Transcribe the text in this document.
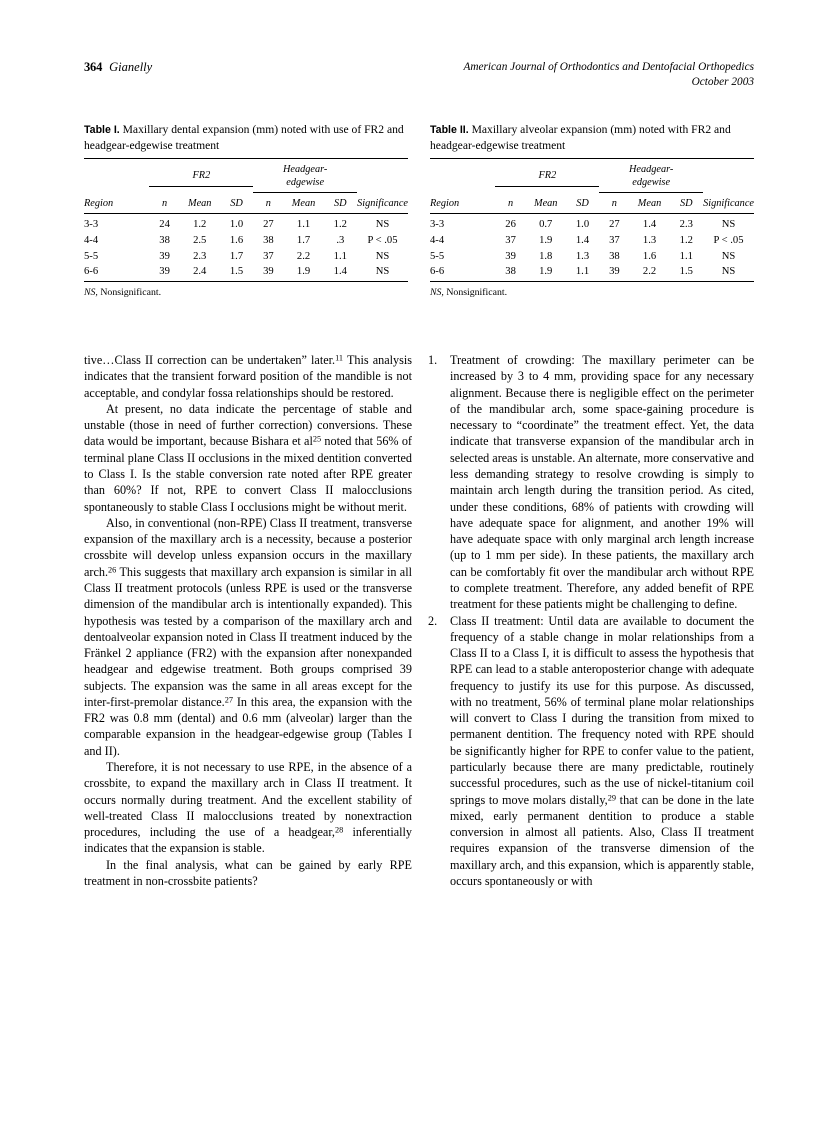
364 Gianelly	American Journal of Orthodontics and Dentofacial Orthopedics
October 2003
Table I. Maxillary dental expansion (mm) noted with use of FR2 and headgear-edgewise treatment

	FR2			Headgear-
edgewise			

Region	n	Mean	SD	n	Mean	SD	Significance
3-3	24	1.2	1.0	27	1.1	1.2	NS
4-4	38	2.5	1.6	38	1.7	.3	P < .05
5-5	39	2.3	1.7	37	2.2	1.1	NS
6-6	39	2.4	1.5	39	1.9	1.4	NS
NS, Nonsignificant.
Table II. Maxillary alveolar expansion (mm) noted with FR2 and headgear-edgewise treatment

	FR2			Headgear-
edgewise			

Region	n	Mean	SD	n	Mean	SD	Significance
3-3	26	0.7	1.0	27	1.4	2.3	NS
4-4	37	1.9	1.4	37	1.3	1.2	P < .05
5-5	39	1.8	1.3	38	1.6	1.1	NS
6-6	38	1.9	1.1	39	2.2	1.5	NS
NS, Nonsignificant.

tive…Class II correction can be undertaken” later.$^{11}$ This analysis indicates that the transient forward position of the mandible is not acceptable, and condylar fossa relationships should be restored.

At present, no data indicate the percentage of stable and unstable (those in need of further correction) conversions. These data would be important, because Bishara et $al^{25}$ noted that 56% of terminal plane Class II occlusions in the mixed dentition converted to Class I. Is the stable conversion rate noted after RPE greater than 60%? If not, RPE to convert Class II malocclusions spontaneously to stable Class I occlusions might be without merit.

Also, in conventional (non-RPE) Class II treatment, transverse expansion of the maxillary arch is a necessity, because a posterior crossbite will develop unless expansion occurs in the maxillary arch.$^{26}$ This suggests that maxillary arch expansion is similar in all Class II treatment protocols (unless RPE is used or the transverse dimension of the mandibular arch is intentionally expanded). This hypothesis was tested by a comparison of the maxillary arch and dentoalveolar expansion noted in Class II treatment induced by the Fränkel 2 appliance (FR2) with the expansion after nonexpanded headgear and edgewise treatment. Both groups comprised 39 subjects. The expansion was the same in all areas except for the inter-first-premolar distance.$^{27}$ In this area, the expansion with the FR2 was 0.8 mm (dental) and 0.6 mm (alveolar) larger than the comparable expansion in the headgear-edgewise group (Tables I and II).

Therefore, it is not necessary to use RPE, in the absence of a crossbite, to expand the maxillary arch in Class II treatment. It occurs normally during treatment. And the excellent stability of well-treated Class II malocclusions treated by nonextraction procedures, including the use of a headgear,$^{28}$ inferentially indicates that the expansion is stable.

In the final analysis, what can be gained by early RPE treatment in non-crossbite patients?

Treatment of crowding: The maxillary perimeter can be increased by 3 to 4 mm, providing space for any necessary alignment. Because there is negligible effect on the perimeter of the mandibular arch, some space-gaining procedure is necessary to “coordinate” the treatment effect. Yet, the data indicate that transverse expansion of the mandibular arch in selected areas is unstable. An alternate, more conservative and less demanding strategy to resolve crowding is simply to maintain arch length during the transition period. As cited, under these conditions, 68% of patients with crowding will have adequate space for alignment, and another 19% will have adequate space with only marginal arch length increase (up to 1 mm per side). In these patients, the maxillary arch can be comfortably fit over the mandibular arch without RPE to complete treatment. Therefore, any added benefit of RPE treatment for these patients might be challenging to define.
Class II treatment: Until data are available to document the frequency of a stable change in molar relationships from a Class II to a Class I, it is difficult to assess the hypothesis that RPE can lead to a stable anteroposterior change with adequate frequency to justify its use for this purpose. As discussed, with no treatment, 56% of terminal plane molar relationships will convert to Class I during the transition from mixed to permanent dentition. The frequency noted with RPE should be significantly higher for RPE to confer value to the patient, particularly because there are many predictable, routinely successful procedures, such as the use of nickel-titanium coil springs to move molars distally,$^{29}$ that can be done in the late mixed, early permanent dentition to produce a stable conversion in almost all patients. Also, Class II treatment requires expansion of the transverse dimension of the maxillary arch, and this expansion, which is apparently stable, occurs spontaneously or with
